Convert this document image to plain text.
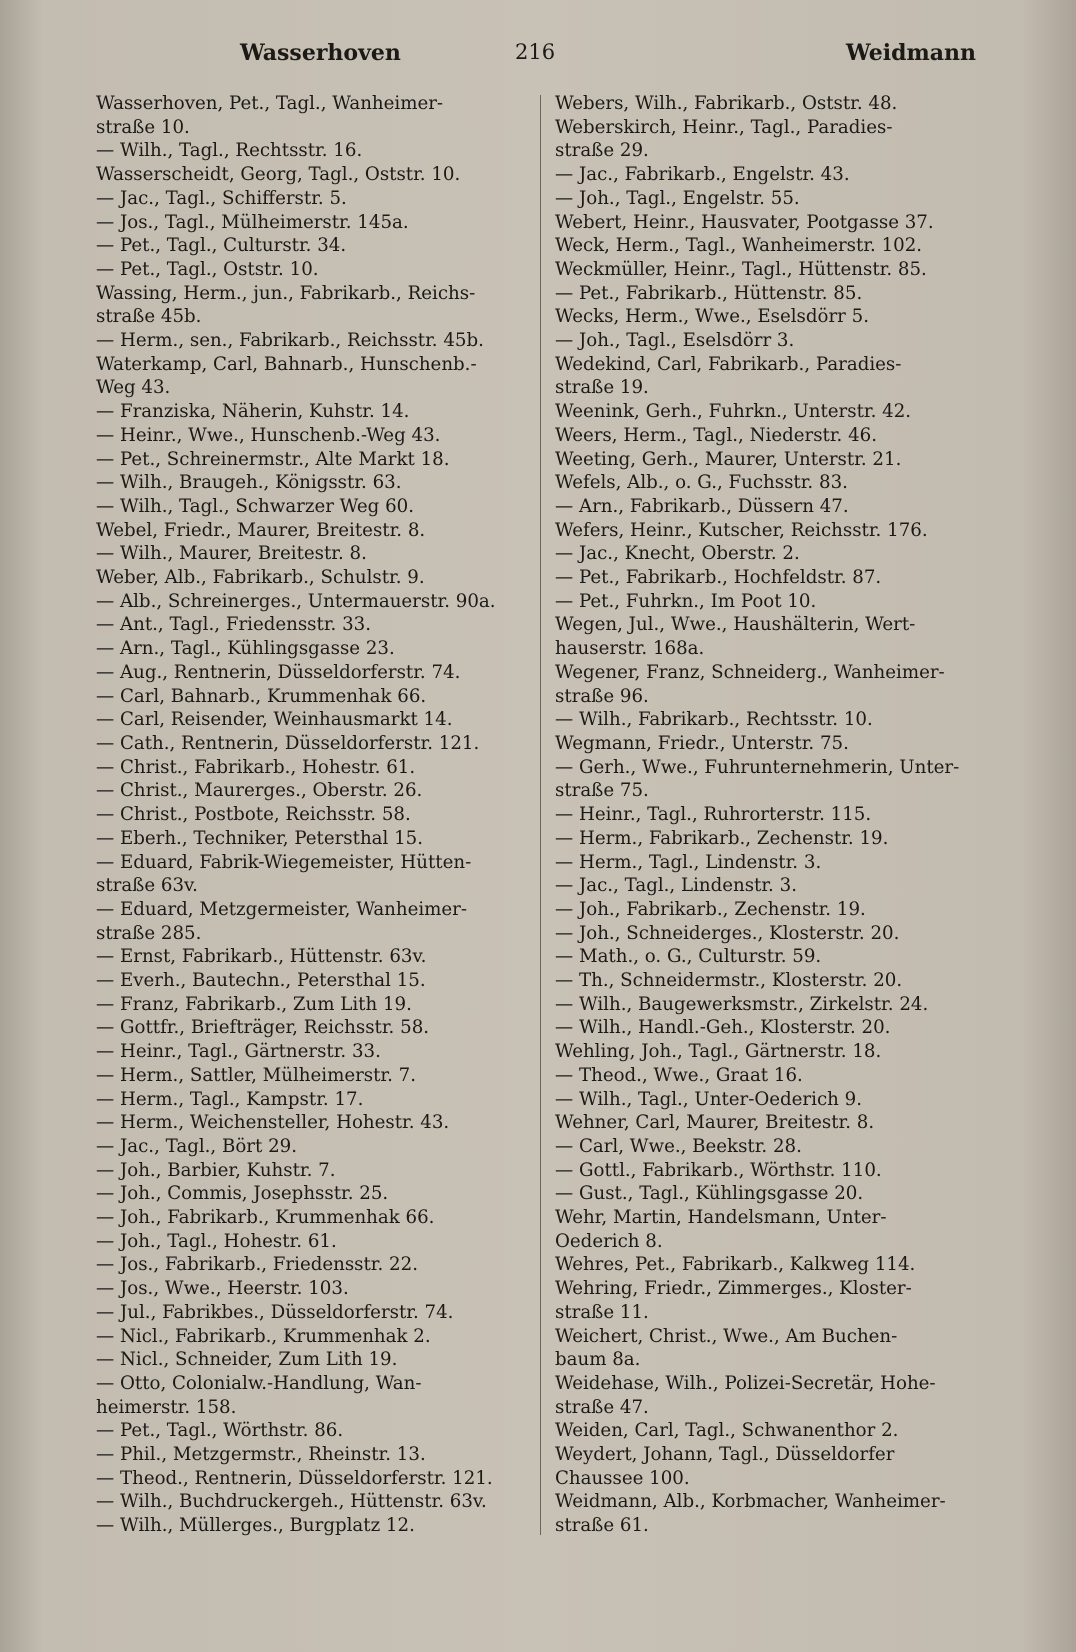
Wasserhoven	216	Weidmann
Wasserhoven, Pet., Tagl., Wanheimer-
straße 10.
— Wilh., Tagl., Rechtsstr. 16.
Wasserscheidt, Georg, Tagl., Oststr. 10.
— Jac., Tagl., Schifferstr. 5.
— Jos., Tagl., Mülheimerstr. 145a.
— Pet., Tagl., Culturstr. 34.
— Pet., Tagl., Oststr. 10.
Wassing, Herm., jun., Fabrikarb., Reichs-
straße 45b.
— Herm., sen., Fabrikarb., Reichsstr. 45b.
Waterkamp, Carl, Bahnarb., Hunschenb.-
Weg 43.
— Franziska, Näherin, Kuhstr. 14.
— Heinr., Wwe., Hunschenb.-Weg 43.
— Pet., Schreinermstr., Alte Markt 18.
— Wilh., Braugeh., Königsstr. 63.
— Wilh., Tagl., Schwarzer Weg 60.
Webel, Friedr., Maurer, Breitestr. 8.
— Wilh., Maurer, Breitestr. 8.
Weber, Alb., Fabrikarb., Schulstr. 9.
— Alb., Schreinerges., Untermauerstr. 90a.
— Ant., Tagl., Friedensstr. 33.
— Arn., Tagl., Kühlingsgasse 23.
— Aug., Rentnerin, Düsseldorferstr. 74.
— Carl, Bahnarb., Krummenhak 66.
— Carl, Reisender, Weinhausmarkt 14.
— Cath., Rentnerin, Düsseldorferstr. 121.
— Christ., Fabrikarb., Hohestr. 61.
— Christ., Maurerges., Oberstr. 26.
— Christ., Postbote, Reichsstr. 58.
— Eberh., Techniker, Petersthal 15.
— Eduard, Fabrik-Wiegemeister, Hütten-
straße 63v.
— Eduard, Metzgermeister, Wanheimer-
straße 285.
— Ernst, Fabrikarb., Hüttenstr. 63v.
— Everh., Bautechn., Petersthal 15.
— Franz, Fabrikarb., Zum Lith 19.
— Gottfr., Briefträger, Reichsstr. 58.
— Heinr., Tagl., Gärtnerstr. 33.
— Herm., Sattler, Mülheimerstr. 7.
— Herm., Tagl., Kampstr. 17.
— Herm., Weichensteller, Hohestr. 43.
— Jac., Tagl., Bört 29.
— Joh., Barbier, Kuhstr. 7.
— Joh., Commis, Josephsstr. 25.
— Joh., Fabrikarb., Krummenhak 66.
— Joh., Tagl., Hohestr. 61.
— Jos., Fabrikarb., Friedensstr. 22.
— Jos., Wwe., Heerstr. 103.
— Jul., Fabrikbes., Düsseldorferstr. 74.
— Nicl., Fabrikarb., Krummenhak 2.
— Nicl., Schneider, Zum Lith 19.
— Otto, Colonialw.-Handlung, Wan-
heimerstr. 158.
— Pet., Tagl., Wörthstr. 86.
— Phil., Metzgermstr., Rheinstr. 13.
— Theod., Rentnerin, Düsseldorferstr. 121.
— Wilh., Buchdruckergeh., Hüttenstr. 63v.
— Wilh., Müllerges., Burgplatz 12.
Webers, Wilh., Fabrikarb., Oststr. 48.
Weberskirch, Heinr., Tagl., Paradies-
straße 29.
— Jac., Fabrikarb., Engelstr. 43.
— Joh., Tagl., Engelstr. 55.
Webert, Heinr., Hausvater, Pootgasse 37.
Weck, Herm., Tagl., Wanheimerstr. 102.
Weckmüller, Heinr., Tagl., Hüttenstr. 85.
— Pet., Fabrikarb., Hüttenstr. 85.
Wecks, Herm., Wwe., Eselsdörr 5.
— Joh., Tagl., Eselsdörr 3.
Wedekind, Carl, Fabrikarb., Paradies-
straße 19.
Weenink, Gerh., Fuhrkn., Unterstr. 42.
Weers, Herm., Tagl., Niederstr. 46.
Weeting, Gerh., Maurer, Unterstr. 21.
Wefels, Alb., o. G., Fuchsstr. 83.
— Arn., Fabrikarb., Düssern 47.
Wefers, Heinr., Kutscher, Reichsstr. 176.
— Jac., Knecht, Oberstr. 2.
— Pet., Fabrikarb., Hochfeldstr. 87.
— Pet., Fuhrkn., Im Poot 10.
Wegen, Jul., Wwe., Haushälterin, Wert-
hauserstr. 168a.
Wegener, Franz, Schneiderg., Wanheimer-
straße 96.
— Wilh., Fabrikarb., Rechtsstr. 10.
Wegmann, Friedr., Unterstr. 75.
— Gerh., Wwe., Fuhrunternehmerin, Unter-
straße 75.
— Heinr., Tagl., Ruhrorterstr. 115.
— Herm., Fabrikarb., Zechenstr. 19.
— Herm., Tagl., Lindenstr. 3.
— Jac., Tagl., Lindenstr. 3.
— Joh., Fabrikarb., Zechenstr. 19.
— Joh., Schneiderges., Klosterstr. 20.
— Math., o. G., Culturstr. 59.
— Th., Schneidermstr., Klosterstr. 20.
— Wilh., Baugewerksmstr., Zirkelstr. 24.
— Wilh., Handl.-Geh., Klosterstr. 20.
Wehling, Joh., Tagl., Gärtnerstr. 18.
— Theod., Wwe., Graat 16.
— Wilh., Tagl., Unter-Oederich 9.
Wehner, Carl, Maurer, Breitestr. 8.
— Carl, Wwe., Beekstr. 28.
— Gottl., Fabrikarb., Wörthstr. 110.
— Gust., Tagl., Kühlingsgasse 20.
Wehr, Martin, Handelsmann, Unter-
Oederich 8.
Wehres, Pet., Fabrikarb., Kalkweg 114.
Wehring, Friedr., Zimmerges., Kloster-
straße 11.
Weichert, Christ., Wwe., Am Buchen-
baum 8a.
Weidehase, Wilh., Polizei-Secretär, Hohe-
straße 47.
Weiden, Carl, Tagl., Schwanenthor 2.
Weydert, Johann, Tagl., Düsseldorfer
Chaussee 100.
Weidmann, Alb., Korbmacher, Wanheimer-
straße 61.
